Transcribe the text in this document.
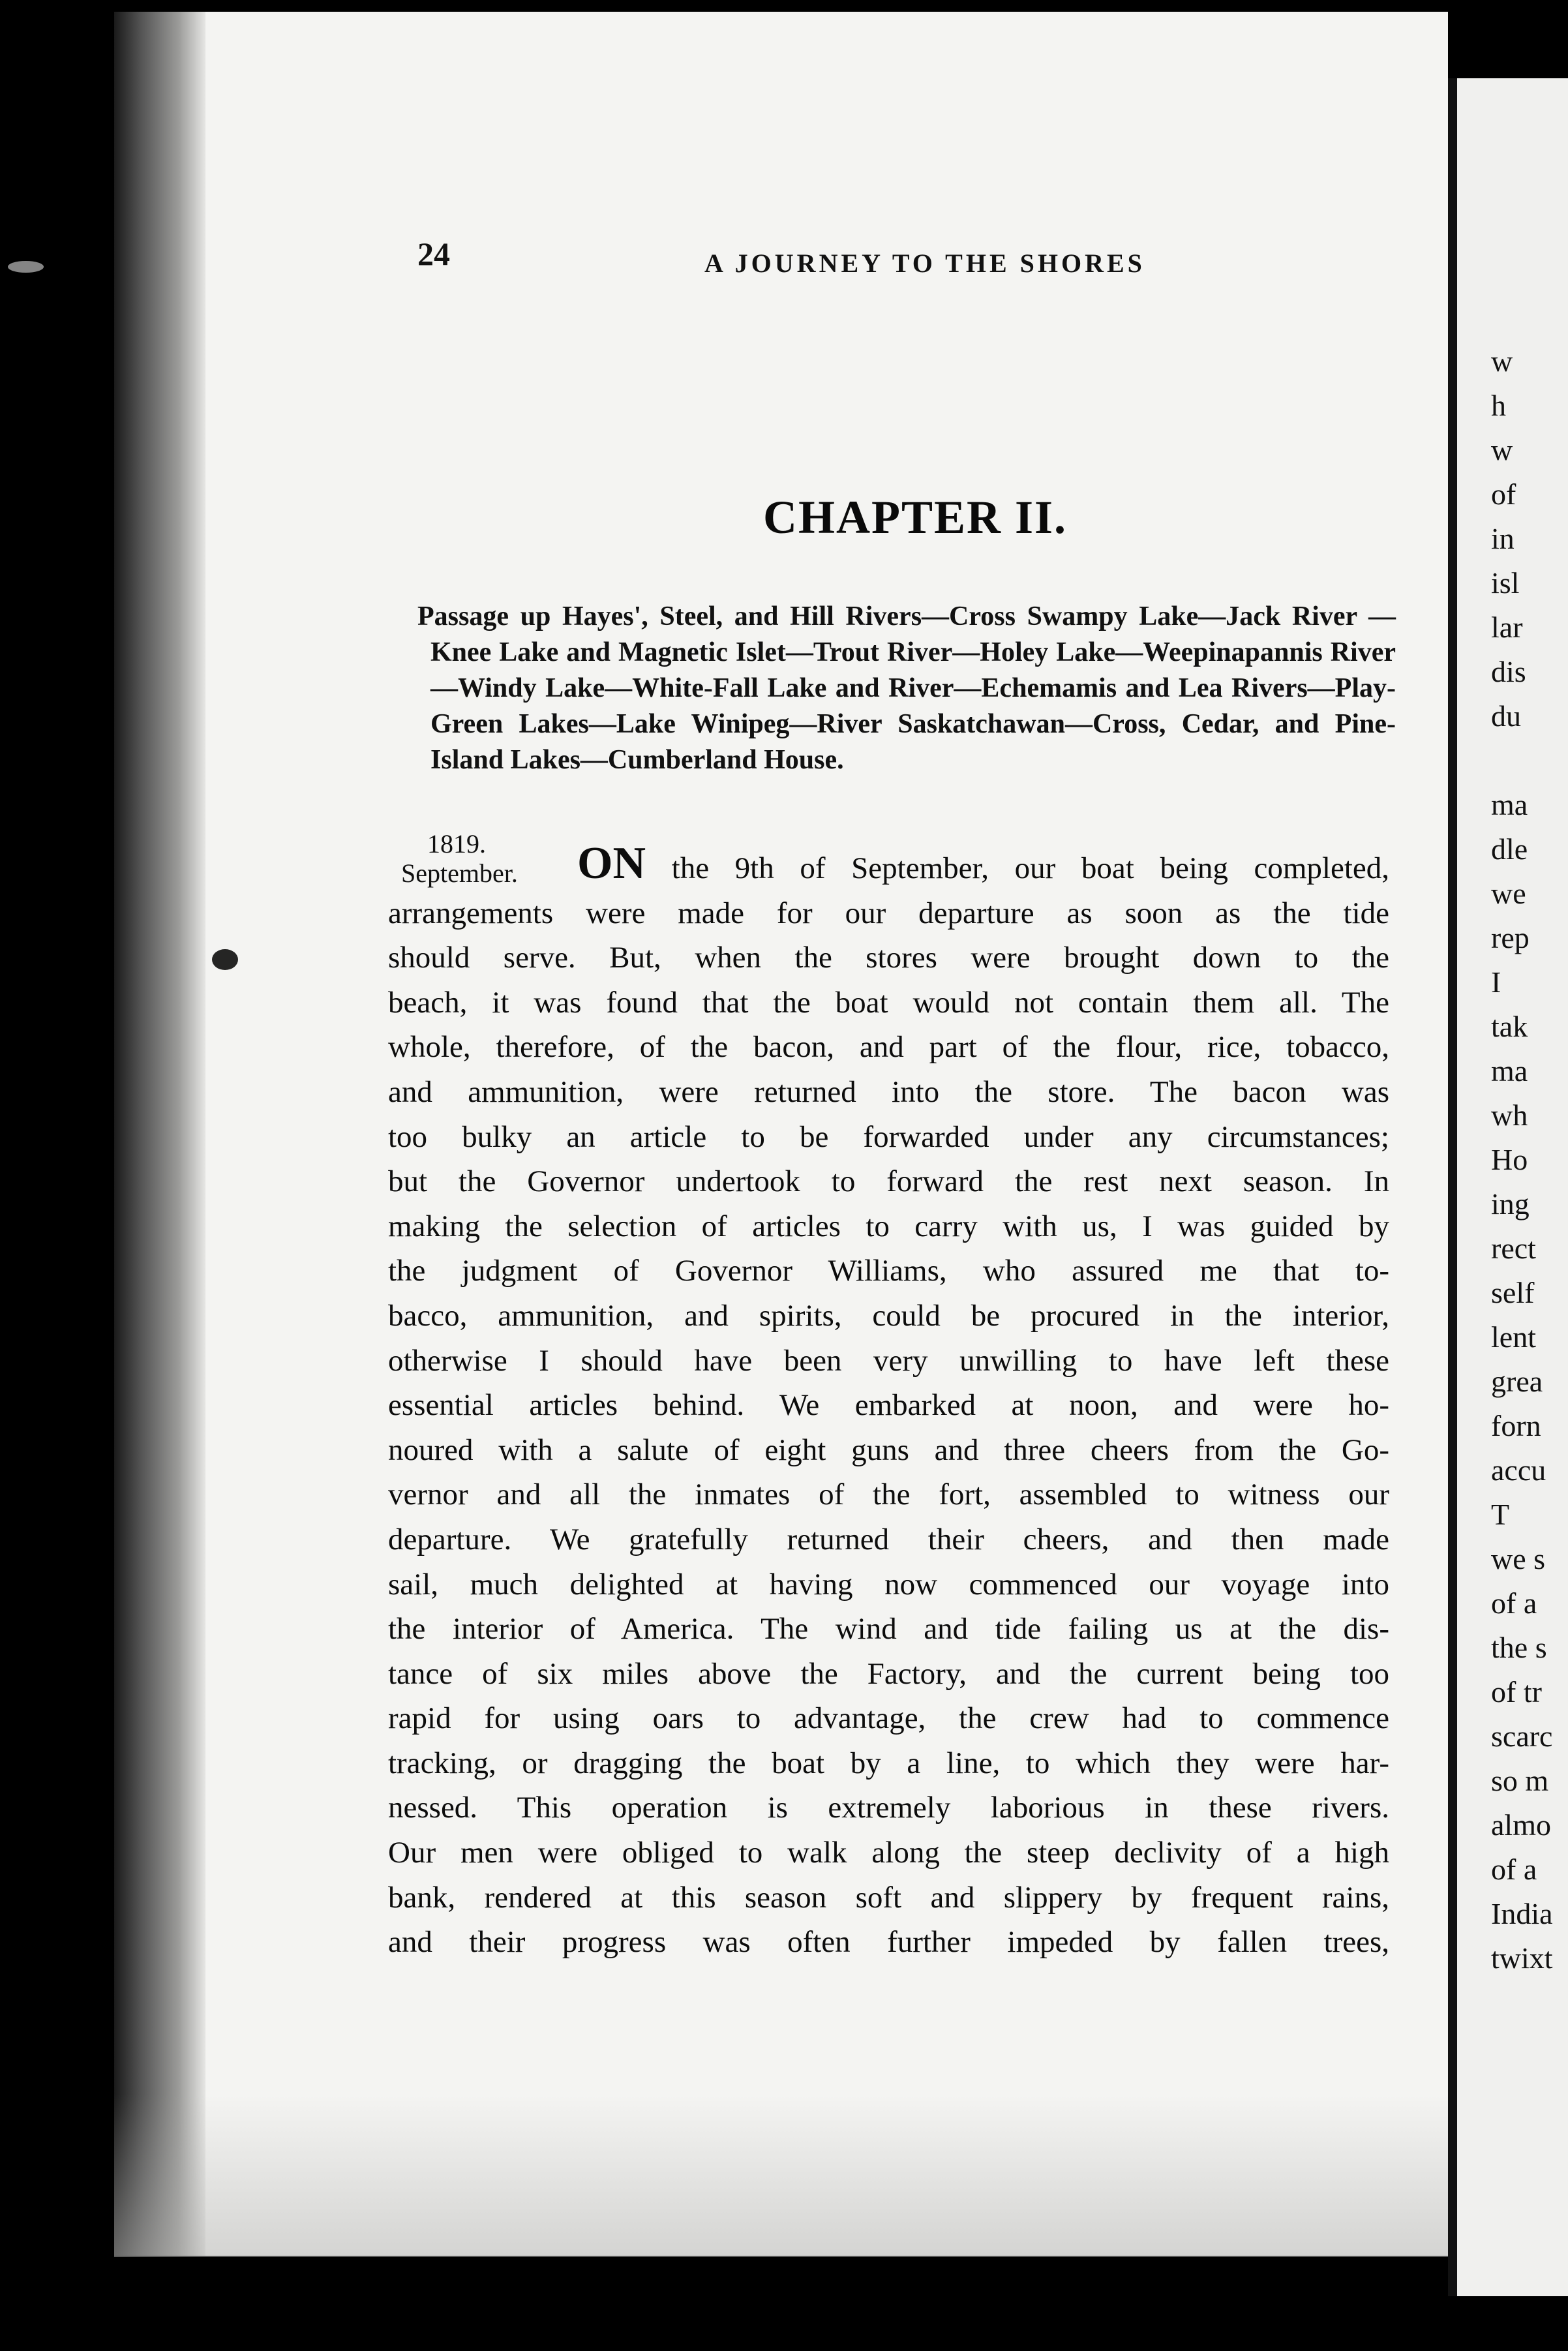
24	A JOURNEY TO THE SHORES
CHAPTER II.
Passage up Hayes', Steel, and Hill Rivers—Cross Swampy Lake—Jack River —Knee Lake and Magnetic Islet—Trout River—Holey Lake—Weepinapannis River—Windy Lake—White-Fall Lake and River—Echemamis and Lea Rivers—Play-Green Lakes—Lake Winipeg—River Saskatchawan—Cross, Cedar, and Pine-Island Lakes—Cumberland House.
1819.
September.	ON the 9th of September, our boat being completed,
arrangements were made for our departure as soon as the tide
should serve. But, when the stores were brought down to the
beach, it was found that the boat would not contain them all. The
whole, therefore, of the bacon, and part of the flour, rice, tobacco,
and ammunition, were returned into the store. The bacon was
too bulky an article to be forwarded under any circumstances;
but the Governor undertook to forward the rest next season. In
making the selection of articles to carry with us, I was guided by
the judgment of Governor Williams, who assured me that to-
bacco, ammunition, and spirits, could be procured in the interior,
otherwise I should have been very unwilling to have left these
essential articles behind. We embarked at noon, and were ho-
noured with a salute of eight guns and three cheers from the Go-
vernor and all the inmates of the fort, assembled to witness our
departure. We gratefully returned their cheers, and then made
sail, much delighted at having now commenced our voyage into
the interior of America. The wind and tide failing us at the dis-
tance of six miles above the Factory, and the current being too
rapid for using oars to advantage, the crew had to commence
tracking, or dragging the boat by a line, to which they were har-
nessed. This operation is extremely laborious in these rivers.
Our men were obliged to walk along the steep declivity of a high
bank, rendered at this season soft and slippery by frequent rains,
and their progress was often further impeded by fallen trees,
w
h
w
of
in
isl
lar
dis
du

ma
dle
we
rep
I
tak
ma
wh
Ho
ing
rect
self
lent
grea
forn
accu
T
we s
of a
the s
of tr
scarc
so m
almo
of a
India
twixt
